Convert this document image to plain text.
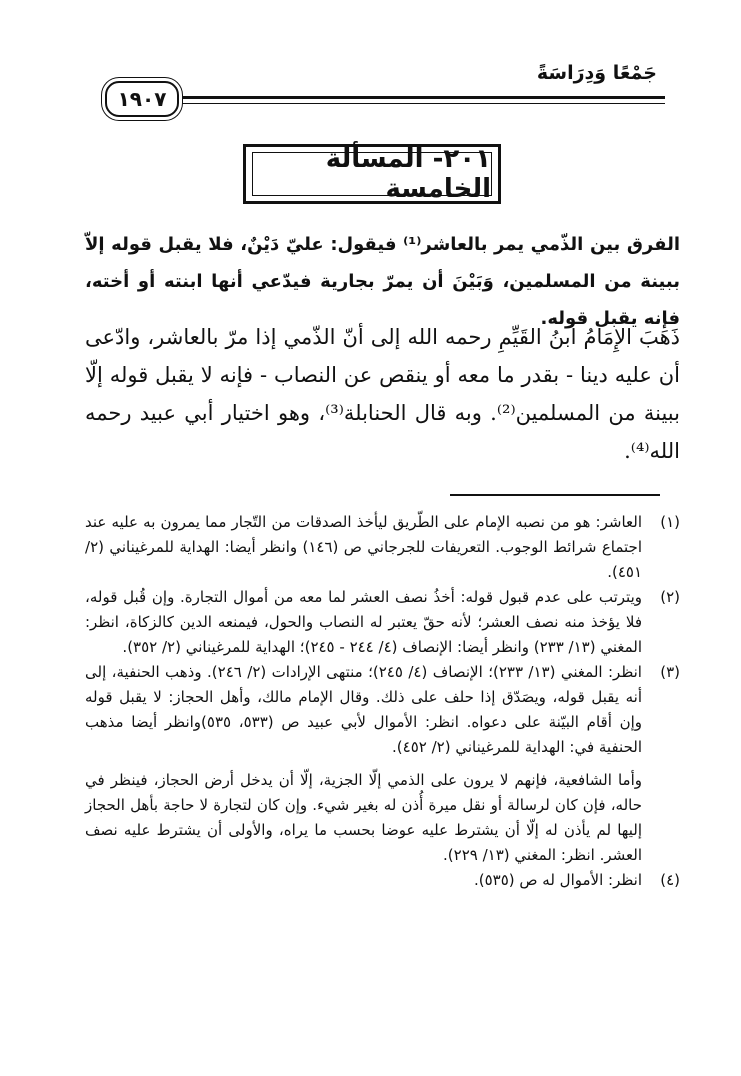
جَمْعًا وَدِرَاسَةً
١٩٠٧
٢٠١- المسألة الخامسة
الفرق بين الذّمي يمر بالعاشر⁽¹⁾ فيقول: عليّ دَيْنٌ، فلا يقبل قوله إلاّ ببينة من المسلمين، وَبَيْنَ أن يمرّ بجارية فيدّعي أنها ابنته أو أخته، فإنه يقبل قوله.
ذَهَبَ الإِمَامُ ابنُ القَيِّمِ رحمه الله إلى أنّ الذّمي إذا مرّ بالعاشر، وادّعى أن عليه دينا - بقدر ما معه أو ينقص عن النصاب - فإنه لا يقبل قوله إلّا ببينة من المسلمين⁽²⁾. وبه قال الحنابلة⁽³⁾، وهو اختيار أبي عبيد رحمه الله⁽⁴⁾.
(١)

العاشر: هو من نصبه الإمام على الطّريق ليأخذ الصدقات من التّجار مما يمرون به عليه عند اجتماع شرائط الوجوب. التعريفات للجرجاني ص (١٤٦) وانظر أيضا: الهداية للمرغيناني (٢/ ٤٥١).

(٢)

ويترتب على عدم قبول قوله: أخذُ نصف العشر لما معه من أموال التجارة. وإن قُبل قوله، فلا يؤخذ منه نصف العشر؛ لأنه حقّ يعتبر له النصاب والحول، فيمنعه الدين كالزكاة، انظر: المغني (١٣/ ٢٣٣) وانظر أيضا: الإنصاف (٤/ ٢٤٤ - ٢٤٥)؛ الهداية للمرغيناني (٢/ ٣٥٢).

(٣)

انظر: المغني (١٣/ ٢٣٣)؛ الإنصاف (٤/ ٢٤٥)؛ منتهى الإرادات (٢/ ٢٤٦). وذهب الحنفية، إلى أنه يقبل قوله، ويصَدّق إذا حلف على ذلك. وقال الإمام مالك، وأهل الحجاز: لا يقبل قوله وإن أقام البيّنة على دعواه. انظر: الأموال لأبي عبيد ص (٥٣٣، ٥٣٥)وانظر أيضا مذهب الحنفية في: الهداية للمرغيناني (٢/ ٤٥٢).

وأما الشافعية، فإنهم لا يرون على الذمي إلّا الجزية، إلّا أن يدخل أرض الحجاز، فينظر في حاله، فإن كان لرسالة أو نقل ميرة أُذن له بغير شيء. وإن كان لتجارة لا حاجة بأهل الحجاز إليها لم يأذن له إلّا أن يشترط عليه عوضا بحسب ما يراه، والأولى أن يشترط عليه نصف العشر. انظر: المغني (١٣/ ٢٢٩).

(٤)

انظر: الأموال له ص (٥٣٥).
